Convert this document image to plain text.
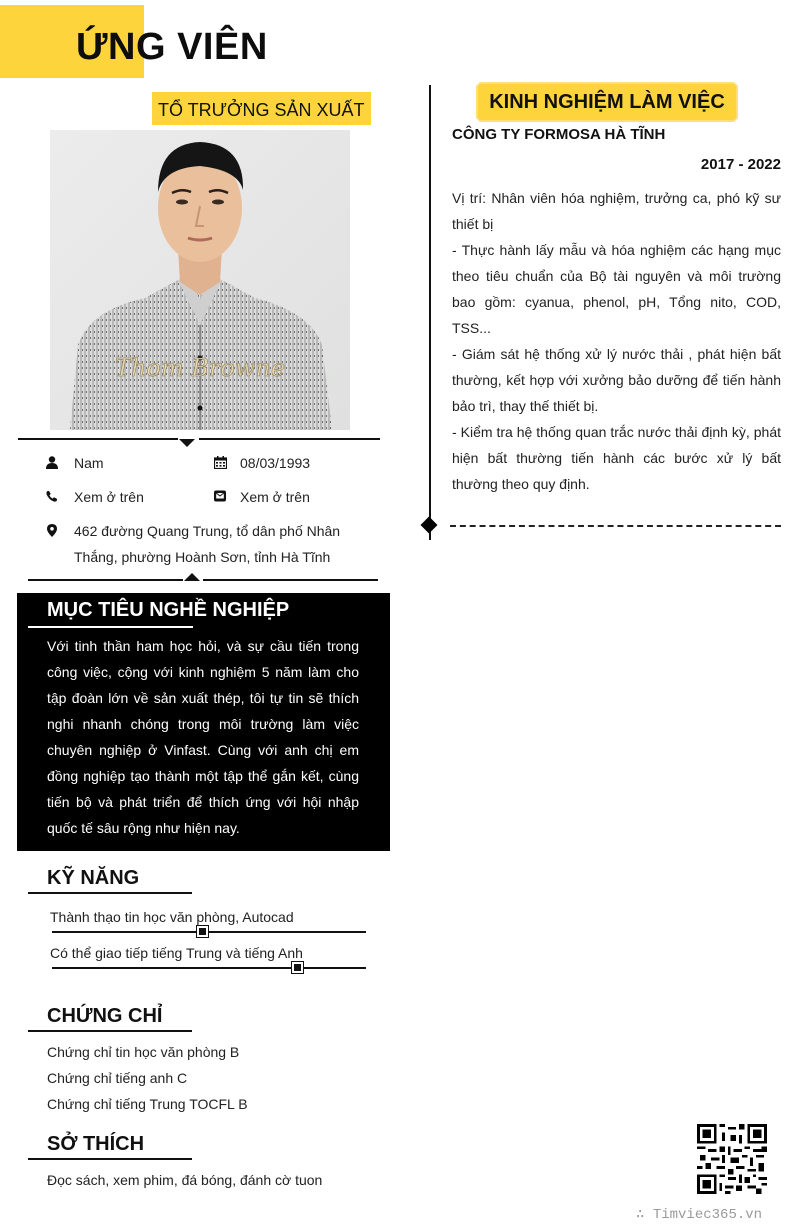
ỨNG VIÊN
TỔ TRƯỞNG SẢN XUẤT
Thom Browne
Nam	08/03/1993
Xem ở trên	Xem ở trên
462 đường Quang Trung, tổ dân phố Nhân Thắng, phường Hoành Sơn, tỉnh Hà Tĩnh
MỤC TIÊU NGHỀ NGHIỆP
Với tinh thần ham học hỏi, và sự cầu tiến trong công việc, cộng với kinh nghiệm 5 năm làm cho tập đoàn lớn về sản xuất thép, tôi tự tin sẽ thích nghi nhanh chóng trong môi trường làm việc chuyên nghiệp ở Vinfast. Cùng với anh chị em đồng nghiệp tạo thành một tập thể gắn kết, cùng tiến bộ và phát triển để thích ứng với hội nhập quốc tế sâu rộng như hiện nay.
KỸ NĂNG
Thành thạo tin học văn phòng, Autocad
Có thể giao tiếp tiếng Trung và tiếng Anh
CHỨNG CHỈ
Chứng chỉ tin học văn phòng B
Chứng chỉ tiếng anh C
Chứng chỉ tiếng Trung TOCFL B
SỞ THÍCH
Đọc sách, xem phim, đá bóng, đánh cờ tuon
KINH NGHIỆM LÀM VIỆC
CÔNG TY FORMOSA HÀ TĨNH
2017 - 2022

Vị trí: Nhân viên hóa nghiệm, trưởng ca, phó kỹ sư thiết bị

- Thực hành lấy mẫu và hóa nghiệm các hạng mục theo tiêu chuẩn của Bộ tài nguyên và môi trường bao gồm: cyanua, phenol, pH, Tổng nito, COD, TSS...

- Giám sát hệ thống xử lý nước thải , phát hiện bất thường, kết hợp với xưởng bảo dưỡng để tiến hành bảo trì, thay thế thiết bị.

- Kiểm tra hệ thống quan trắc nước thải định kỳ, phát hiện bất thường tiến hành các bước xử lý bất thường theo quy định.

∴ Timviec365.vn
